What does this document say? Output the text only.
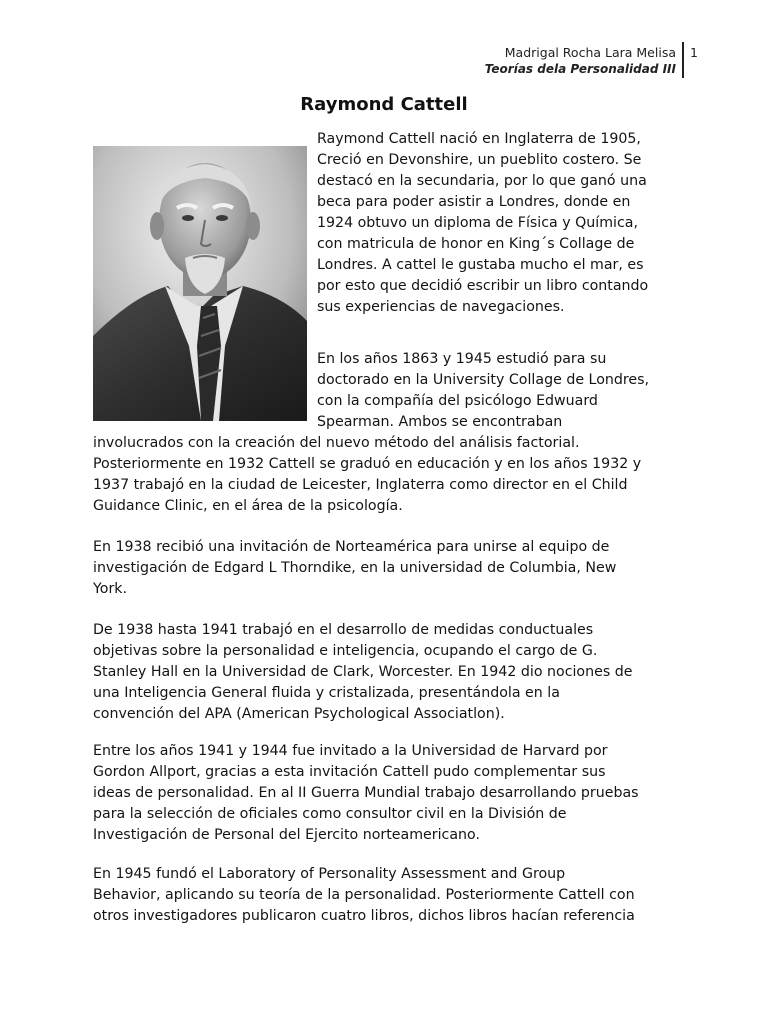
Madrigal Rocha Lara Melisa
Teorías dela Personalidad III
1
Raymond Cattell
Raymond Cattell nació en Inglaterra de 1905,
Creció en Devonshire, un pueblito costero. Se
destacó en la secundaria, por lo que ganó una
beca para poder asistir a Londres, donde en
1924 obtuvo un diploma de Física y Química,
con matricula de honor en King´s Collage de
Londres. A cattel le gustaba mucho el mar, es
por esto que decidió escribir un libro contando
sus experiencias de navegaciones.
En los años 1863 y 1945 estudió para su
doctorado en la University Collage de Londres,
con la compañía del psicólogo Edwuard
Spearman. Ambos se encontraban
involucrados con la creación del nuevo método del análisis factorial.
Posteriormente en 1932 Cattell se graduó en educación y en los años 1932 y
1937 trabajó en la ciudad de Leicester, Inglaterra como director en el Child
Guidance Clinic, en el área de la psicología.
En 1938 recibió una invitación de Norteamérica para unirse al equipo de
investigación de Edgard L Thorndike, en la universidad de Columbia, New
York.
De 1938 hasta 1941 trabajó en el desarrollo de medidas conductuales
objetivas sobre la personalidad e inteligencia, ocupando el cargo de G.
Stanley Hall en la Universidad de Clark, Worcester. En 1942 dio nociones de
una Inteligencia General fluida y cristalizada, presentándola en la
convención del APA (American Psychological Associatlon).
Entre los años 1941 y 1944 fue invitado a la Universidad de Harvard por
Gordon Allport, gracias a esta invitación Cattell pudo complementar sus
ideas de personalidad. En al II Guerra Mundial trabajo desarrollando pruebas
para la selección de oficiales como consultor civil en la División de
Investigación de Personal del Ejercito norteamericano.
En 1945 fundó el Laboratory of Personality Assessment and Group
Behavior, aplicando su teoría de la personalidad. Posteriormente Cattell con
otros investigadores publicaron cuatro libros, dichos libros hacían referencia
